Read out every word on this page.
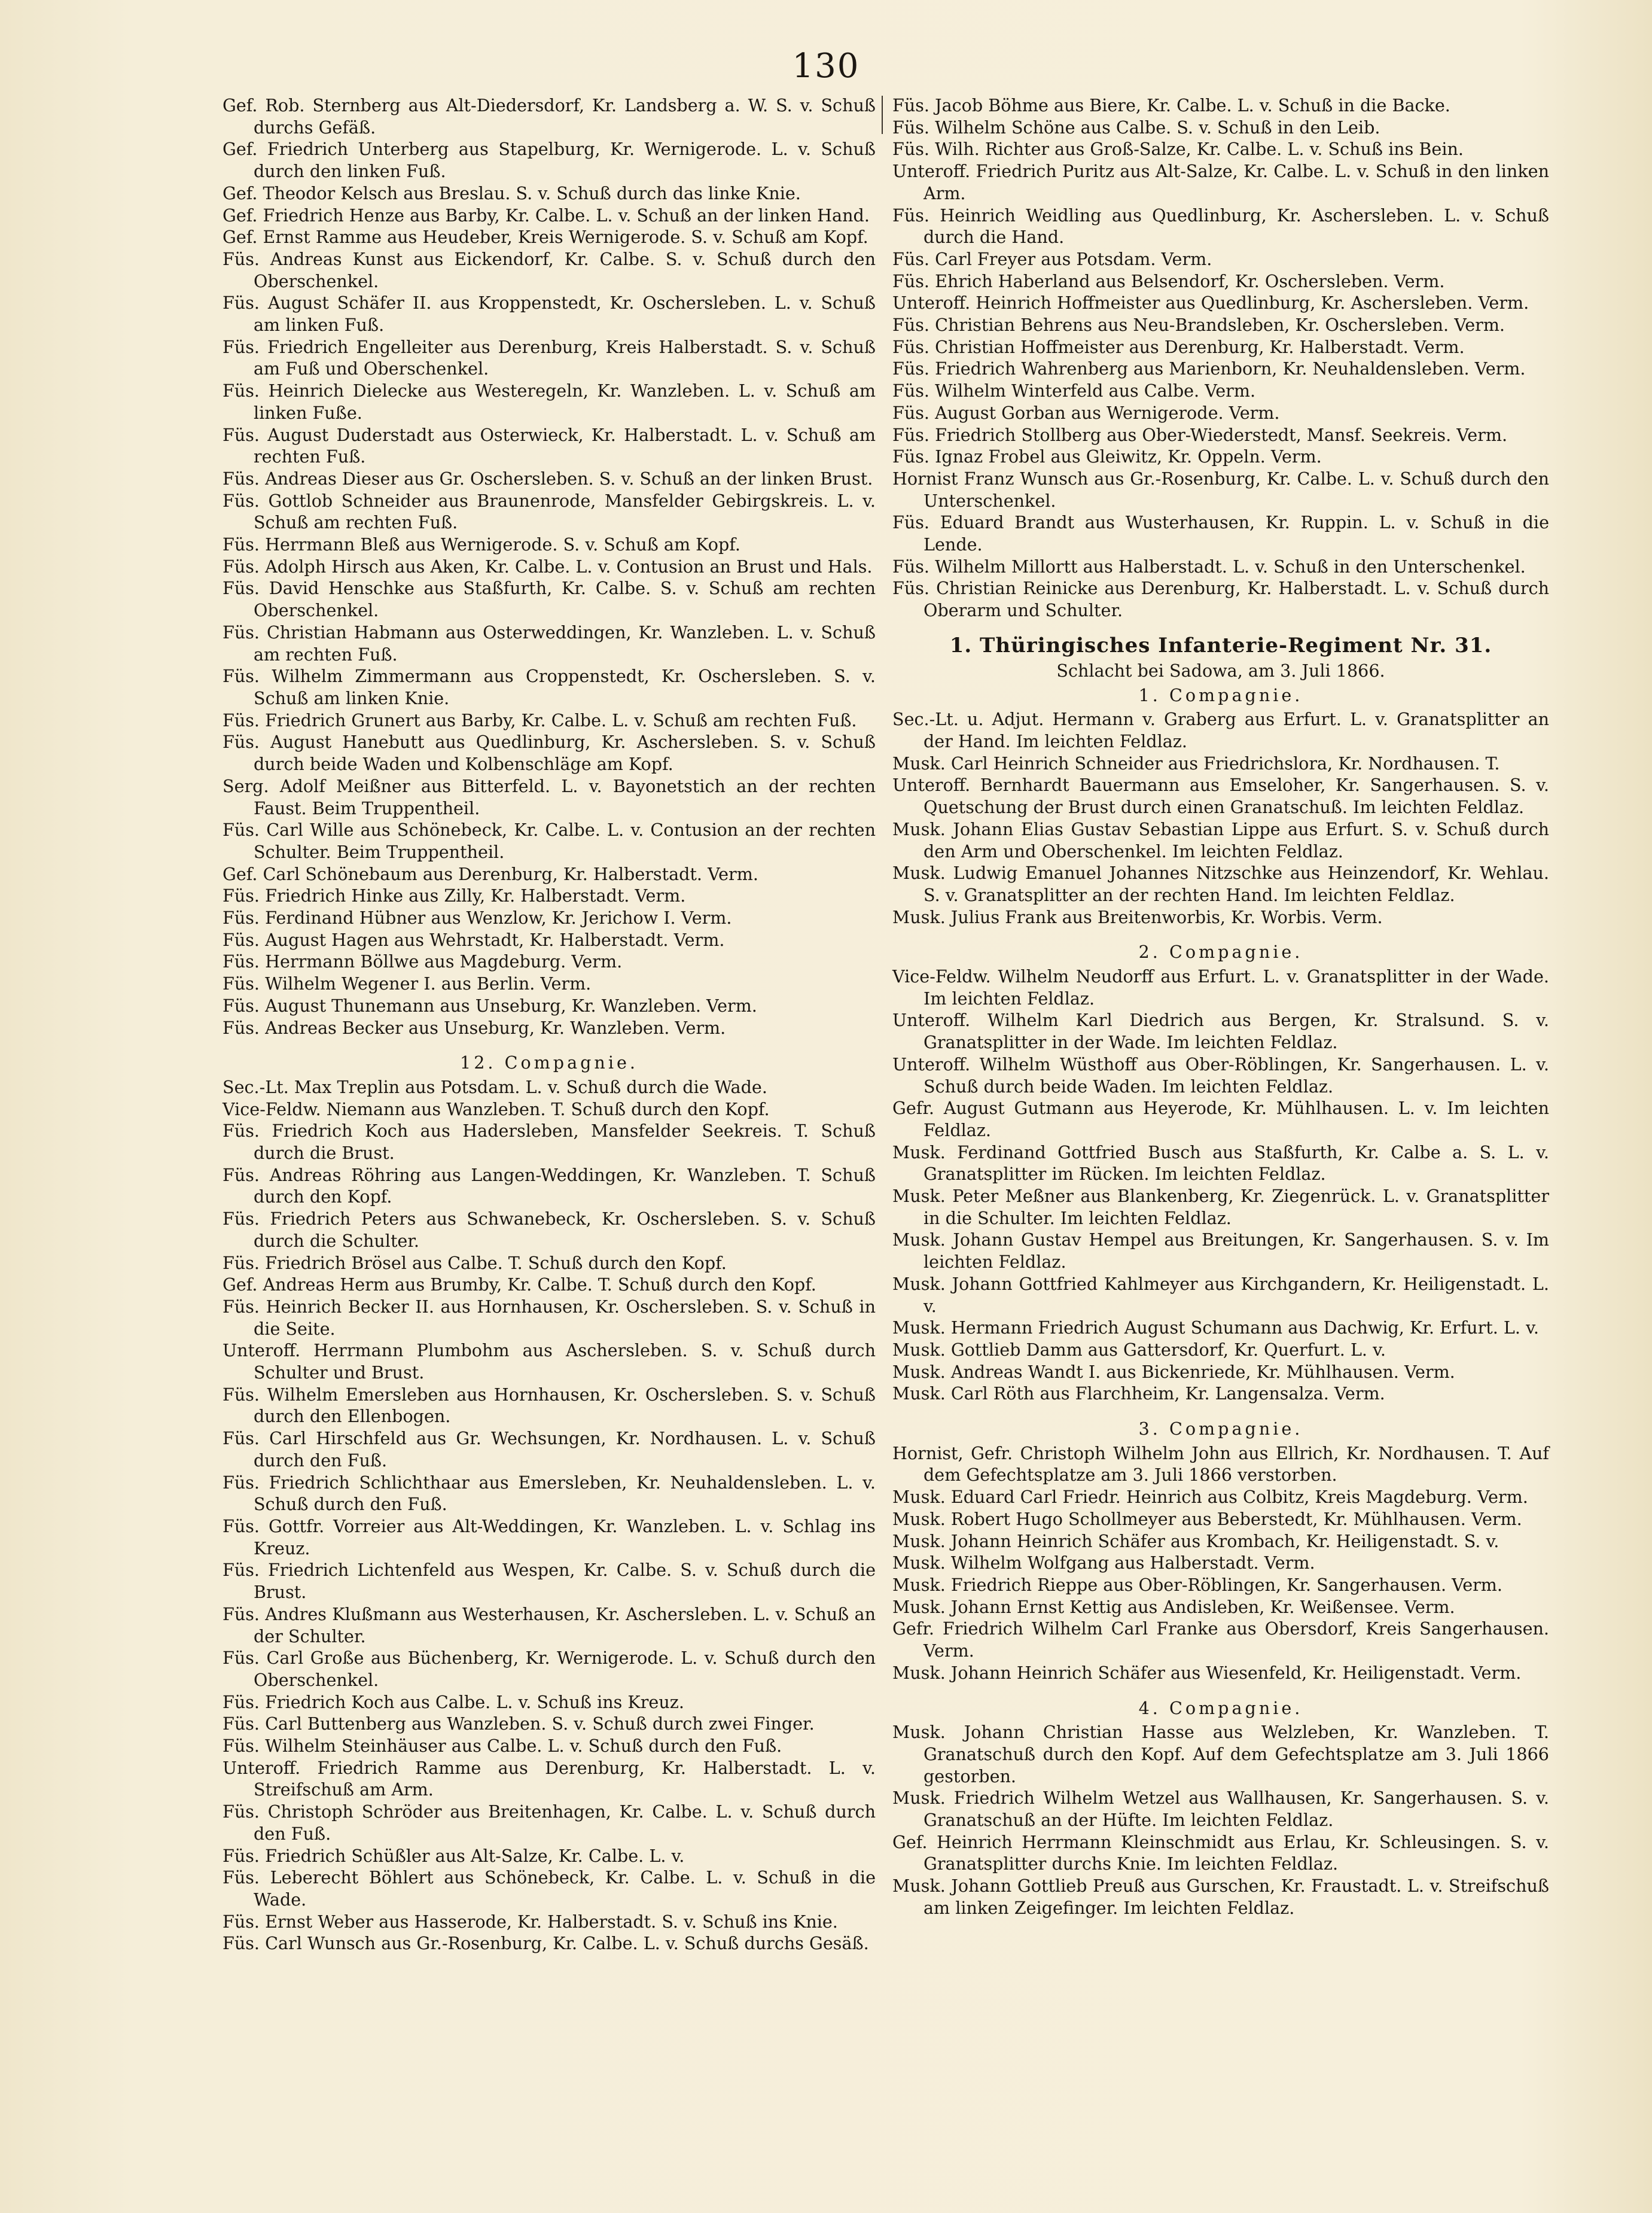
130
Gef. Rob. Sternberg aus Alt-Diedersdorf, Kr. Landsberg a. W. S. v. Schuß durchs Gefäß.
Gef. Friedrich Unterberg aus Stapelburg, Kr. Wernigerode. L. v. Schuß durch den linken Fuß.
Gef. Theodor Kelsch aus Breslau. S. v. Schuß durch das linke Knie.
Gef. Friedrich Henze aus Barby, Kr. Calbe. L. v. Schuß an der linken Hand.
Gef. Ernst Ramme aus Heudeber, Kreis Wernigerode. S. v. Schuß am Kopf.
Füs. Andreas Kunst aus Eickendorf, Kr. Calbe. S. v. Schuß durch den Oberschenkel.
Füs. August Schäfer II. aus Kroppenstedt, Kr. Oschersleben. L. v. Schuß am linken Fuß.
Füs. Friedrich Engelleiter aus Derenburg, Kreis Halberstadt. S. v. Schuß am Fuß und Oberschenkel.
Füs. Heinrich Dielecke aus Westeregeln, Kr. Wanzleben. L. v. Schuß am linken Fuße.
Füs. August Duderstadt aus Osterwieck, Kr. Halberstadt. L. v. Schuß am rechten Fuß.
Füs. Andreas Dieser aus Gr. Oschersleben. S. v. Schuß an der linken Brust.
Füs. Gottlob Schneider aus Braunenrode, Mansfelder Gebirgskreis. L. v. Schuß am rechten Fuß.
Füs. Herrmann Bleß aus Wernigerode. S. v. Schuß am Kopf.
Füs. Adolph Hirsch aus Aken, Kr. Calbe. L. v. Contusion an Brust und Hals.
Füs. David Henschke aus Staßfurth, Kr. Calbe. S. v. Schuß am rechten Oberschenkel.
Füs. Christian Habmann aus Osterweddingen, Kr. Wanzleben. L. v. Schuß am rechten Fuß.
Füs. Wilhelm Zimmermann aus Croppenstedt, Kr. Oschersleben. S. v. Schuß am linken Knie.
Füs. Friedrich Grunert aus Barby, Kr. Calbe. L. v. Schuß am rechten Fuß.
Füs. August Hanebutt aus Quedlinburg, Kr. Aschersleben. S. v. Schuß durch beide Waden und Kolbenschläge am Kopf.
Serg. Adolf Meißner aus Bitterfeld. L. v. Bayonetstich an der rechten Faust. Beim Truppentheil.
Füs. Carl Wille aus Schönebeck, Kr. Calbe. L. v. Contusion an der rechten Schulter. Beim Truppentheil.
Gef. Carl Schönebaum aus Derenburg, Kr. Halberstadt. Verm.
Füs. Friedrich Hinke aus Zilly, Kr. Halberstadt. Verm.
Füs. Ferdinand Hübner aus Wenzlow, Kr. Jerichow I. Verm.
Füs. August Hagen aus Wehrstadt, Kr. Halberstadt. Verm.
Füs. Herrmann Böllwe aus Magdeburg. Verm.
Füs. Wilhelm Wegener I. aus Berlin. Verm.
Füs. August Thunemann aus Unseburg, Kr. Wanzleben. Verm.
Füs. Andreas Becker aus Unseburg, Kr. Wanzleben. Verm.
12. Compagnie.
Sec.-Lt. Max Treplin aus Potsdam. L. v. Schuß durch die Wade.
Vice-Feldw. Niemann aus Wanzleben. T. Schuß durch den Kopf.
Füs. Friedrich Koch aus Hadersleben, Mansfelder Seekreis. T. Schuß durch die Brust.
Füs. Andreas Röhring aus Langen-Weddingen, Kr. Wanzleben. T. Schuß durch den Kopf.
Füs. Friedrich Peters aus Schwanebeck, Kr. Oschersleben. S. v. Schuß durch die Schulter.
Füs. Friedrich Brösel aus Calbe. T. Schuß durch den Kopf.
Gef. Andreas Herm aus Brumby, Kr. Calbe. T. Schuß durch den Kopf.
Füs. Heinrich Becker II. aus Hornhausen, Kr. Oschersleben. S. v. Schuß in die Seite.
Unteroff. Herrmann Plumbohm aus Aschersleben. S. v. Schuß durch Schulter und Brust.
Füs. Wilhelm Emersleben aus Hornhausen, Kr. Oschersleben. S. v. Schuß durch den Ellenbogen.
Füs. Carl Hirschfeld aus Gr. Wechsungen, Kr. Nordhausen. L. v. Schuß durch den Fuß.
Füs. Friedrich Schlichthaar aus Emersleben, Kr. Neuhaldensleben. L. v. Schuß durch den Fuß.
Füs. Gottfr. Vorreier aus Alt-Weddingen, Kr. Wanzleben. L. v. Schlag ins Kreuz.
Füs. Friedrich Lichtenfeld aus Wespen, Kr. Calbe. S. v. Schuß durch die Brust.
Füs. Andres Klußmann aus Westerhausen, Kr. Aschersleben. L. v. Schuß an der Schulter.
Füs. Carl Große aus Büchenberg, Kr. Wernigerode. L. v. Schuß durch den Oberschenkel.
Füs. Friedrich Koch aus Calbe. L. v. Schuß ins Kreuz.
Füs. Carl Buttenberg aus Wanzleben. S. v. Schuß durch zwei Finger.
Füs. Wilhelm Steinhäuser aus Calbe. L. v. Schuß durch den Fuß.
Unteroff. Friedrich Ramme aus Derenburg, Kr. Halberstadt. L. v. Streifschuß am Arm.
Füs. Christoph Schröder aus Breitenhagen, Kr. Calbe. L. v. Schuß durch den Fuß.
Füs. Friedrich Schüßler aus Alt-Salze, Kr. Calbe. L. v.
Füs. Leberecht Böhlert aus Schönebeck, Kr. Calbe. L. v. Schuß in die Wade.
Füs. Ernst Weber aus Hasserode, Kr. Halberstadt. S. v. Schuß ins Knie.
Füs. Carl Wunsch aus Gr.-Rosenburg, Kr. Calbe. L. v. Schuß durchs Gesäß.
Füs. Jacob Böhme aus Biere, Kr. Calbe. L. v. Schuß in die Backe.
Füs. Wilhelm Schöne aus Calbe. S. v. Schuß in den Leib.
Füs. Wilh. Richter aus Groß-Salze, Kr. Calbe. L. v. Schuß ins Bein.
Unteroff. Friedrich Puritz aus Alt-Salze, Kr. Calbe. L. v. Schuß in den linken Arm.
Füs. Heinrich Weidling aus Quedlinburg, Kr. Aschersleben. L. v. Schuß durch die Hand.
Füs. Carl Freyer aus Potsdam. Verm.
Füs. Ehrich Haberland aus Belsendorf, Kr. Oschersleben. Verm.
Unteroff. Heinrich Hoffmeister aus Quedlinburg, Kr. Aschersleben. Verm.
Füs. Christian Behrens aus Neu-Brandsleben, Kr. Oschersleben. Verm.
Füs. Christian Hoffmeister aus Derenburg, Kr. Halberstadt. Verm.
Füs. Friedrich Wahrenberg aus Marienborn, Kr. Neuhaldensleben. Verm.
Füs. Wilhelm Winterfeld aus Calbe. Verm.
Füs. August Gorban aus Wernigerode. Verm.
Füs. Friedrich Stollberg aus Ober-Wiederstedt, Mansf. Seekreis. Verm.
Füs. Ignaz Frobel aus Gleiwitz, Kr. Oppeln. Verm.
Hornist Franz Wunsch aus Gr.-Rosenburg, Kr. Calbe. L. v. Schuß durch den Unterschenkel.
Füs. Eduard Brandt aus Wusterhausen, Kr. Ruppin. L. v. Schuß in die Lende.
Füs. Wilhelm Millortt aus Halberstadt. L. v. Schuß in den Unterschenkel.
Füs. Christian Reinicke aus Derenburg, Kr. Halberstadt. L. v. Schuß durch Oberarm und Schulter.
1. Thüringisches Infanterie-Regiment Nr. 31.
Schlacht bei Sadowa, am 3. Juli 1866.
1. Compagnie.
Sec.-Lt. u. Adjut. Hermann v. Graberg aus Erfurt. L. v. Granatsplitter an der Hand. Im leichten Feldlaz.
Musk. Carl Heinrich Schneider aus Friedrichslora, Kr. Nordhausen. T.
Unteroff. Bernhardt Bauermann aus Emseloher, Kr. Sangerhausen. S. v. Quetschung der Brust durch einen Granatschuß. Im leichten Feldlaz.
Musk. Johann Elias Gustav Sebastian Lippe aus Erfurt. S. v. Schuß durch den Arm und Oberschenkel. Im leichten Feldlaz.
Musk. Ludwig Emanuel Johannes Nitzschke aus Heinzendorf, Kr. Wehlau. S. v. Granatsplitter an der rechten Hand. Im leichten Feldlaz.
Musk. Julius Frank aus Breitenworbis, Kr. Worbis. Verm.
2. Compagnie.
Vice-Feldw. Wilhelm Neudorff aus Erfurt. L. v. Granatsplitter in der Wade. Im leichten Feldlaz.
Unteroff. Wilhelm Karl Diedrich aus Bergen, Kr. Stralsund. S. v. Granatsplitter in der Wade. Im leichten Feldlaz.
Unteroff. Wilhelm Wüsthoff aus Ober-Röblingen, Kr. Sangerhausen. L. v. Schuß durch beide Waden. Im leichten Feldlaz.
Gefr. August Gutmann aus Heyerode, Kr. Mühlhausen. L. v. Im leichten Feldlaz.
Musk. Ferdinand Gottfried Busch aus Staßfurth, Kr. Calbe a. S. L. v. Granatsplitter im Rücken. Im leichten Feldlaz.
Musk. Peter Meßner aus Blankenberg, Kr. Ziegenrück. L. v. Granatsplitter in die Schulter. Im leichten Feldlaz.
Musk. Johann Gustav Hempel aus Breitungen, Kr. Sangerhausen. S. v. Im leichten Feldlaz.
Musk. Johann Gottfried Kahlmeyer aus Kirchgandern, Kr. Heiligenstadt. L. v.
Musk. Hermann Friedrich August Schumann aus Dachwig, Kr. Erfurt. L. v.
Musk. Gottlieb Damm aus Gattersdorf, Kr. Querfurt. L. v.
Musk. Andreas Wandt I. aus Bickenriede, Kr. Mühlhausen. Verm.
Musk. Carl Röth aus Flarchheim, Kr. Langensalza. Verm.
3. Compagnie.
Hornist, Gefr. Christoph Wilhelm John aus Ellrich, Kr. Nordhausen. T. Auf dem Gefechtsplatze am 3. Juli 1866 verstorben.
Musk. Eduard Carl Friedr. Heinrich aus Colbitz, Kreis Magdeburg. Verm.
Musk. Robert Hugo Schollmeyer aus Beberstedt, Kr. Mühlhausen. Verm.
Musk. Johann Heinrich Schäfer aus Krombach, Kr. Heiligenstadt. S. v.
Musk. Wilhelm Wolfgang aus Halberstadt. Verm.
Musk. Friedrich Rieppe aus Ober-Röblingen, Kr. Sangerhausen. Verm.
Musk. Johann Ernst Kettig aus Andisleben, Kr. Weißensee. Verm.
Gefr. Friedrich Wilhelm Carl Franke aus Obersdorf, Kreis Sangerhausen. Verm.
Musk. Johann Heinrich Schäfer aus Wiesenfeld, Kr. Heiligenstadt. Verm.
4. Compagnie.
Musk. Johann Christian Hasse aus Welzleben, Kr. Wanzleben. T. Granatschuß durch den Kopf. Auf dem Gefechtsplatze am 3. Juli 1866 gestorben.
Musk. Friedrich Wilhelm Wetzel aus Wallhausen, Kr. Sangerhausen. S. v. Granatschuß an der Hüfte. Im leichten Feldlaz.
Gef. Heinrich Herrmann Kleinschmidt aus Erlau, Kr. Schleusingen. S. v. Granatsplitter durchs Knie. Im leichten Feldlaz.
Musk. Johann Gottlieb Preuß aus Gurschen, Kr. Fraustadt. L. v. Streifschuß am linken Zeigefinger. Im leichten Feldlaz.
